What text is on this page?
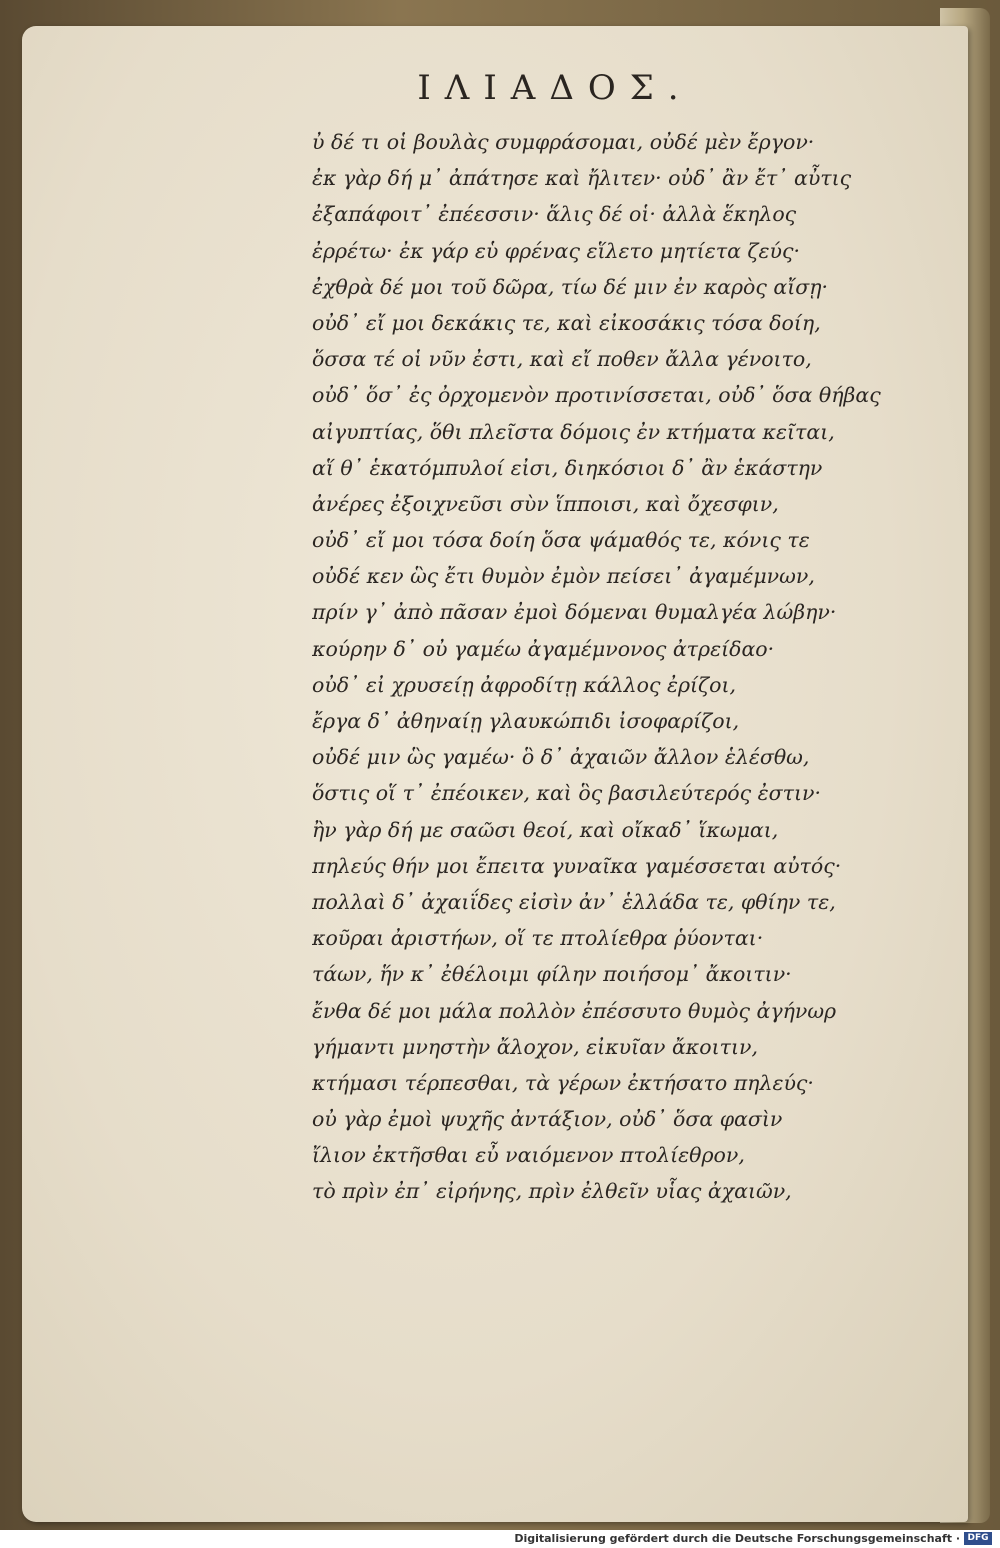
ΙΛΙΑΔΟΣ.
ὐ δέ τι οἱ βουλὰς συμφράσομαι, οὐδέ μὲν ἔργον·
ἐκ γὰρ δή μ᾽ ἀπάτησε καὶ ἤλιτεν· οὐδ᾽ ἂν ἔτ᾽ αὖτις
ἐξαπάφοιτ᾽ ἐπέεσσιν· ἅλις δέ οἱ· ἀλλὰ ἕκηλος
ἐρρέτω· ἐκ γάρ εὑ φρένας εἵλετο μητίετα ζεύς·
ἐχθρὰ δέ μοι τοῦ δῶρα, τίω δέ μιν ἐν καρὸς αἴσῃ·
οὐδ᾽ εἴ μοι δεκάκις τε, καὶ εἰκοσάκις τόσα δοίη,
ὅσσα τέ οἱ νῦν ἐστι, καὶ εἴ ποθεν ἄλλα γένοιτο,
οὐδ᾽ ὅσ᾽ ἐς ὀρχομενὸν προτινίσσεται, οὐδ᾽ ὅσα θήβας
αἰγυπτίας, ὅθι πλεῖστα δόμοις ἐν κτήματα κεῖται,
αἵ θ᾽ ἑκατόμπυλοί εἰσι, διηκόσιοι δ᾽ ἂν ἑκάστην
ἀνέρες ἐξοιχνεῦσι σὺν ἵπποισι, καὶ ὄχεσφιν,
οὐδ᾽ εἴ μοι τόσα δοίη ὅσα ψάμαθός τε, κόνις τε
οὐδέ κεν ὣς ἔτι θυμὸν ἐμὸν πείσει᾽ ἀγαμέμνων,
πρίν γ᾽ ἀπὸ πᾶσαν ἐμοὶ δόμεναι θυμαλγέα λώβην·
κούρην δ᾽ οὐ γαμέω ἀγαμέμνονος ἀτρείδαο·
οὐδ᾽ εἰ χρυσείῃ ἀφροδίτῃ κάλλος ἐρίζοι,
ἔργα δ᾽ ἀθηναίῃ γλαυκώπιδι ἰσοφαρίζοι,
οὐδέ μιν ὣς γαμέω· ὃ δ᾽ ἀχαιῶν ἄλλον ἑλέσθω,
ὅστις οἵ τ᾽ ἐπέοικεν, καὶ ὃς βασιλεύτερός ἐστιν·
ἢν γὰρ δή με σαῶσι θεοί, καὶ οἴκαδ᾽ ἵκωμαι,
πηλεύς θήν μοι ἔπειτα γυναῖκα γαμέσσεται αὐτός·
πολλαὶ δ᾽ ἀχαιΐδες εἰσὶν ἀν᾽ ἑλλάδα τε, φθίην τε,
κοῦραι ἀριστήων, οἵ τε πτολίεθρα ῥύονται·
τάων, ἥν κ᾽ ἐθέλοιμι φίλην ποιήσομ᾽ ἄκοιτιν·
ἔνθα δέ μοι μάλα πολλὸν ἐπέσσυτο θυμὸς ἀγήνωρ
γήμαντι μνηστὴν ἄλοχον, εἰκυῖαν ἄκοιτιν,
κτήμασι τέρπεσθαι, τὰ γέρων ἐκτήσατο πηλεύς·
οὐ γὰρ ἐμοὶ ψυχῆς ἀντάξιον, οὐδ᾽ ὅσα φασὶν
ἴλιον ἐκτῆσθαι εὖ ναιόμενον πτολίεθρον,
τὸ πρὶν ἐπ᾽ εἰρήνης, πρὶν ἐλθεῖν υἷας ἀχαιῶν,
Digitalisierung gefördert durch die Deutsche Forschungsgemeinschaft · DFG
